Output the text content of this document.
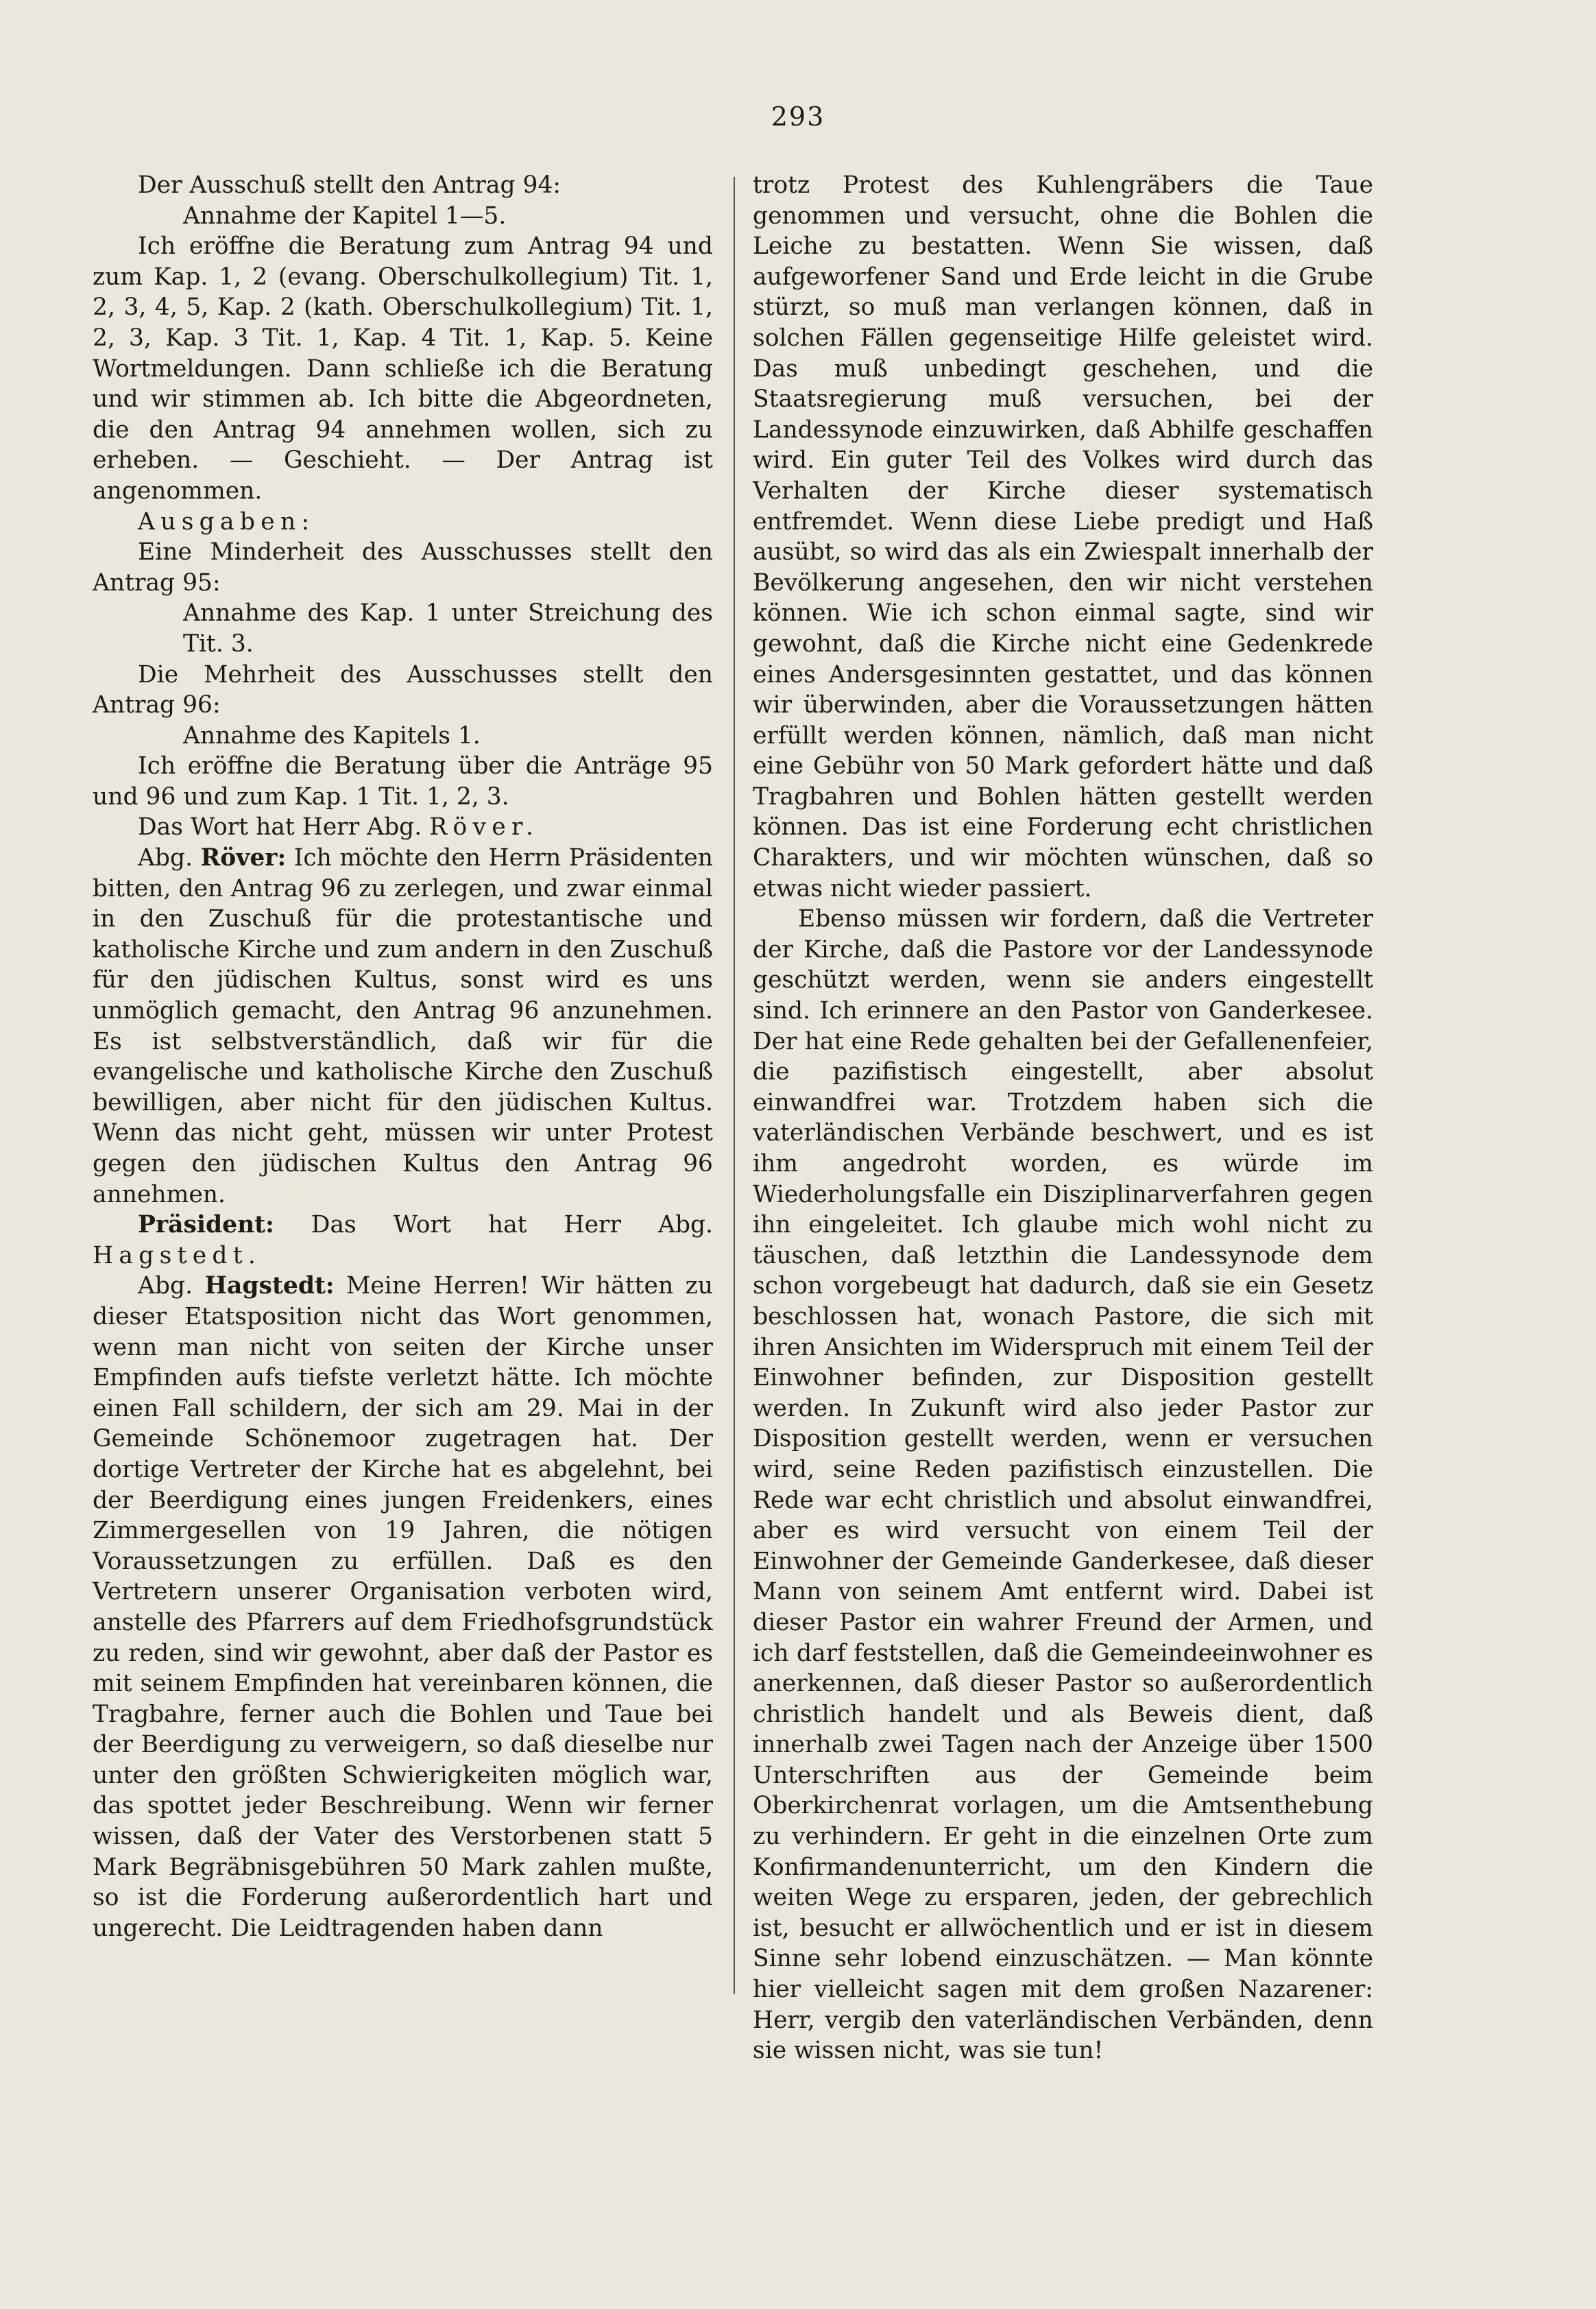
293

Der Ausschuß stellt den Antrag 94:

Annahme der Kapitel 1—5.

Ich eröffne die Beratung zum Antrag 94 und zum Kap. 1, 2 (evang. Oberschulkollegium) Tit. 1, 2, 3, 4, 5, Kap. 2 (kath. Oberschulkollegium) Tit. 1, 2, 3, Kap. 3 Tit. 1, Kap. 4 Tit. 1, Kap. 5. Keine Wortmeldungen. Dann schließe ich die Beratung und wir stimmen ab. Ich bitte die Abgeordneten, die den Antrag 94 annehmen wollen, sich zu erheben. — Geschieht. — Der Antrag ist angenommen.

Ausgaben:

Eine Minderheit des Ausschusses stellt den Antrag 95:

Annahme des Kap. 1 unter Streichung des Tit. 3.

Die Mehrheit des Ausschusses stellt den Antrag 96:

Annahme des Kapitels 1.

Ich eröffne die Beratung über die Anträge 95 und 96 und zum Kap. 1 Tit. 1, 2, 3.

Das Wort hat Herr Abg. Röver.

Abg. Röver: Ich möchte den Herrn Präsidenten bitten, den Antrag 96 zu zerlegen, und zwar einmal in den Zuschuß für die protestantische und katholische Kirche und zum andern in den Zuschuß für den jüdischen Kultus, sonst wird es uns unmöglich gemacht, den Antrag 96 anzunehmen. Es ist selbstverständlich, daß wir für die evangelische und katholische Kirche den Zuschuß bewilligen, aber nicht für den jüdischen Kultus. Wenn das nicht geht, müssen wir unter Protest gegen den jüdischen Kultus den Antrag 96 annehmen.

Präsident: Das Wort hat Herr Abg. Hagstedt.

Abg. Hagstedt: Meine Herren! Wir hätten zu dieser Etatsposition nicht das Wort genommen, wenn man nicht von seiten der Kirche unser Empfinden aufs tiefste verletzt hätte. Ich möchte einen Fall schildern, der sich am 29. Mai in der Gemeinde Schönemoor zugetragen hat. Der dortige Vertreter der Kirche hat es abgelehnt, bei der Beerdigung eines jungen Freidenkers, eines Zimmergesellen von 19 Jahren, die nötigen Voraussetzungen zu erfüllen. Daß es den Vertretern unserer Organisation verboten wird, anstelle des Pfarrers auf dem Friedhofsgrundstück zu reden, sind wir gewohnt, aber daß der Pastor es mit seinem Empfinden hat vereinbaren können, die Tragbahre, ferner auch die Bohlen und Taue bei der Beerdigung zu verweigern, so daß dieselbe nur unter den größten Schwierigkeiten möglich war, das spottet jeder Beschreibung. Wenn wir ferner wissen, daß der Vater des Verstorbenen statt 5 Mark Begräbnisgebühren 50 Mark zahlen mußte, so ist die Forderung außerordentlich hart und ungerecht. Die Leidtragenden haben dann

trotz Protest des Kuhlengräbers die Taue genommen und versucht, ohne die Bohlen die Leiche zu bestatten. Wenn Sie wissen, daß aufgeworfener Sand und Erde leicht in die Grube stürzt, so muß man verlangen können, daß in solchen Fällen gegenseitige Hilfe geleistet wird. Das muß unbedingt geschehen, und die Staatsregierung muß versuchen, bei der Landessynode einzuwirken, daß Abhilfe geschaffen wird. Ein guter Teil des Volkes wird durch das Verhalten der Kirche dieser systematisch entfremdet. Wenn diese Liebe predigt und Haß ausübt, so wird das als ein Zwiespalt innerhalb der Bevölkerung angesehen, den wir nicht verstehen können. Wie ich schon einmal sagte, sind wir gewohnt, daß die Kirche nicht eine Gedenkrede eines Andersgesinnten gestattet, und das können wir überwinden, aber die Voraussetzungen hätten erfüllt werden können, nämlich, daß man nicht eine Gebühr von 50 Mark gefordert hätte und daß Tragbahren und Bohlen hätten gestellt werden können. Das ist eine Forderung echt christlichen Charakters, und wir möchten wünschen, daß so etwas nicht wieder passiert.

Ebenso müssen wir fordern, daß die Vertreter der Kirche, daß die Pastore vor der Landessynode geschützt werden, wenn sie anders eingestellt sind. Ich erinnere an den Pastor von Ganderkesee. Der hat eine Rede gehalten bei der Gefallenenfeier, die pazifistisch eingestellt, aber absolut einwandfrei war. Trotzdem haben sich die vaterländischen Verbände beschwert, und es ist ihm angedroht worden, es würde im Wiederholungsfalle ein Disziplinarverfahren gegen ihn eingeleitet. Ich glaube mich wohl nicht zu täuschen, daß letzthin die Landessynode dem schon vorgebeugt hat dadurch, daß sie ein Gesetz beschlossen hat, wonach Pastore, die sich mit ihren Ansichten im Widerspruch mit einem Teil der Einwohner befinden, zur Disposition gestellt werden. In Zukunft wird also jeder Pastor zur Disposition gestellt werden, wenn er versuchen wird, seine Reden pazifistisch einzustellen. Die Rede war echt christlich und absolut einwandfrei, aber es wird versucht von einem Teil der Einwohner der Gemeinde Ganderkesee, daß dieser Mann von seinem Amt entfernt wird. Dabei ist dieser Pastor ein wahrer Freund der Armen, und ich darf feststellen, daß die Gemeindeeinwohner es anerkennen, daß dieser Pastor so außerordentlich christlich handelt und als Beweis dient, daß innerhalb zwei Tagen nach der Anzeige über 1500 Unterschriften aus der Gemeinde beim Oberkirchenrat vorlagen, um die Amtsenthebung zu verhindern. Er geht in die einzelnen Orte zum Konfirmandenunterricht, um den Kindern die weiten Wege zu ersparen, jeden, der gebrechlich ist, besucht er allwöchentlich und er ist in diesem Sinne sehr lobend einzuschätzen. — Man könnte hier vielleicht sagen mit dem großen Nazarener: Herr, vergib den vaterländischen Verbänden, denn sie wissen nicht, was sie tun!
